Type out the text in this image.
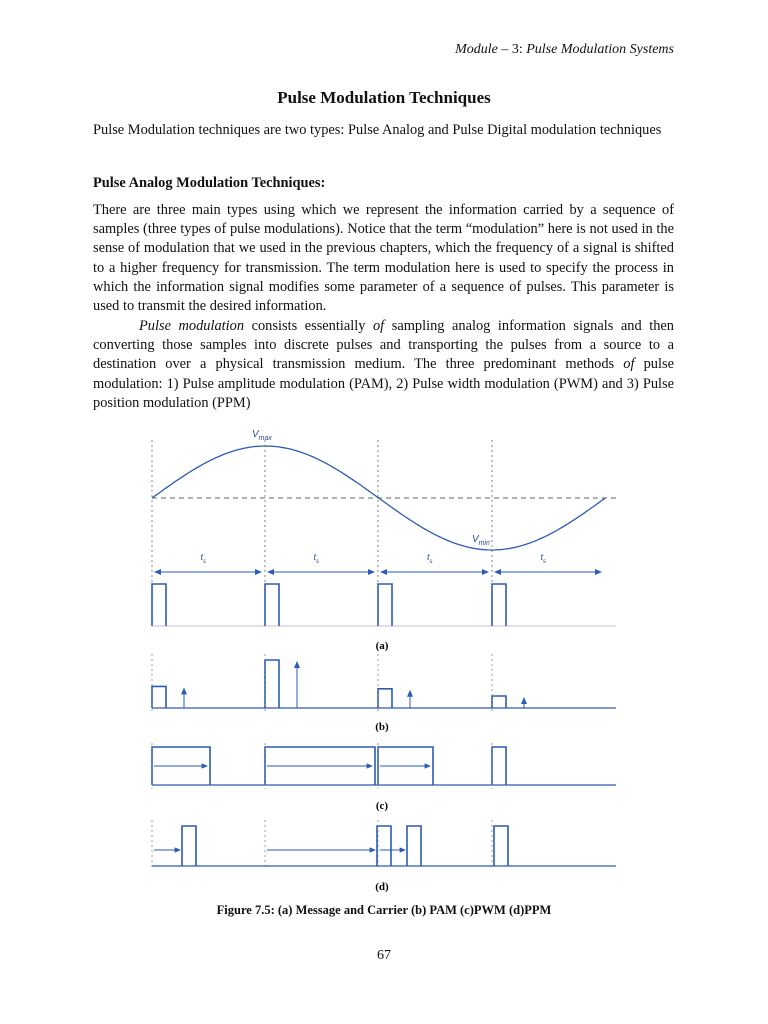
Module – 3: Pulse Modulation Systems
Pulse Modulation Techniques

Pulse Modulation techniques are two types: Pulse Analog and Pulse Digital modulation techniques

Pulse Analog Modulation Techniques:

There are three main types using which we represent the information carried by a sequence of samples (three types of pulse modulations). Notice that the term “modulation” here is not used in the sense of modulation that we used in the previous chapters, which the frequency of a signal is shifted to a higher frequency for transmission. The term modulation here is used to specify the process in which the information signal modifies some parameter of a sequence of pulses. This parameter is used to transmit the desired information.

Pulse modulation consists essentially of sampling analog information signals and then converting those samples into discrete pulses and transporting the pulses from a source to a destination over a physical transmission medium. The three predominant methods of pulse modulation: 1) Pulse amplitude modulation (PAM), 2) Pulse width modulation (PWM) and 3) Pulse position modulation (PPM)

$V_{max}$
$V_{min}$
$t_s$	$t_s$	$t_s$	$t_s$
(a)
(b)
(c)
(d)
Figure 7.5: (a) Message and Carrier (b) PAM (c)PWM (d)PPM
67
